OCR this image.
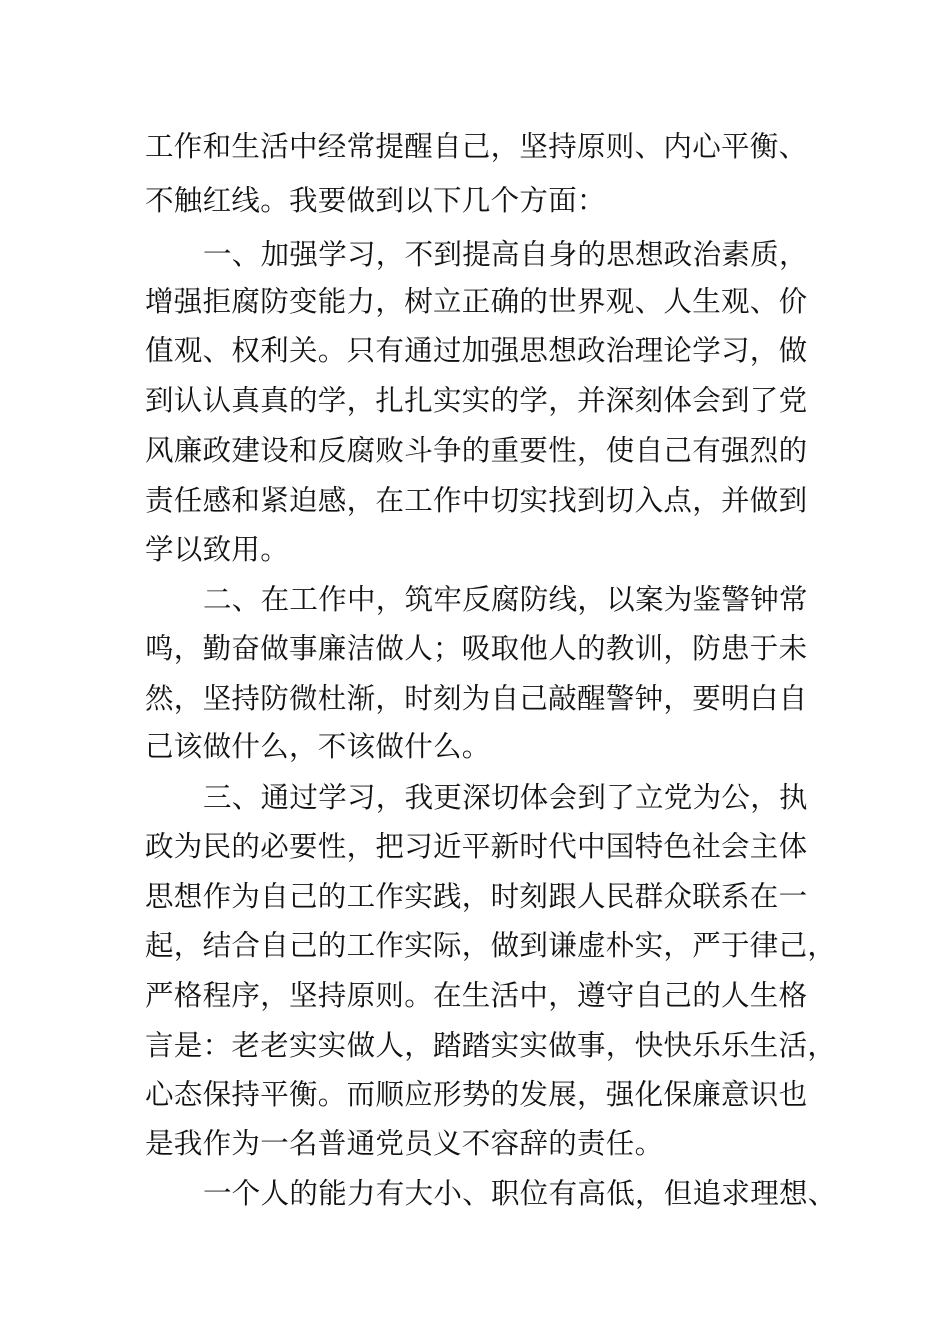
工作和生活中经常提醒自己，坚持原则、内心平衡、
不触红线。我要做到以下几个方面：
一、加强学习，不到提高自身的思想政治素质，
增强拒腐防变能力，树立正确的世界观、人生观、价
值观、权利关。只有通过加强思想政治理论学习，做
到认认真真的学，扎扎实实的学，并深刻体会到了党
风廉政建设和反腐败斗争的重要性，使自己有强烈的
责任感和紧迫感，在工作中切实找到切入点，并做到
学以致用。
二、在工作中，筑牢反腐防线，以案为鉴警钟常
鸣，勤奋做事廉洁做人；吸取他人的教训，防患于未
然，坚持防微杜渐，时刻为自己敲醒警钟，要明白自
己该做什么，不该做什么。
三、通过学习，我更深切体会到了立党为公，执
政为民的必要性，把习近平新时代中国特色社会主体
思想作为自己的工作实践，时刻跟人民群众联系在一
起，结合自己的工作实际，做到谦虚朴实，严于律己，
严格程序，坚持原则。在生活中，遵守自己的人生格
言是：老老实实做人，踏踏实实做事，快快乐乐生活，
心态保持平衡。而顺应形势的发展，强化保廉意识也
是我作为一名普通党员义不容辞的责任。
一个人的能力有大小、职位有高低，但追求理想、
